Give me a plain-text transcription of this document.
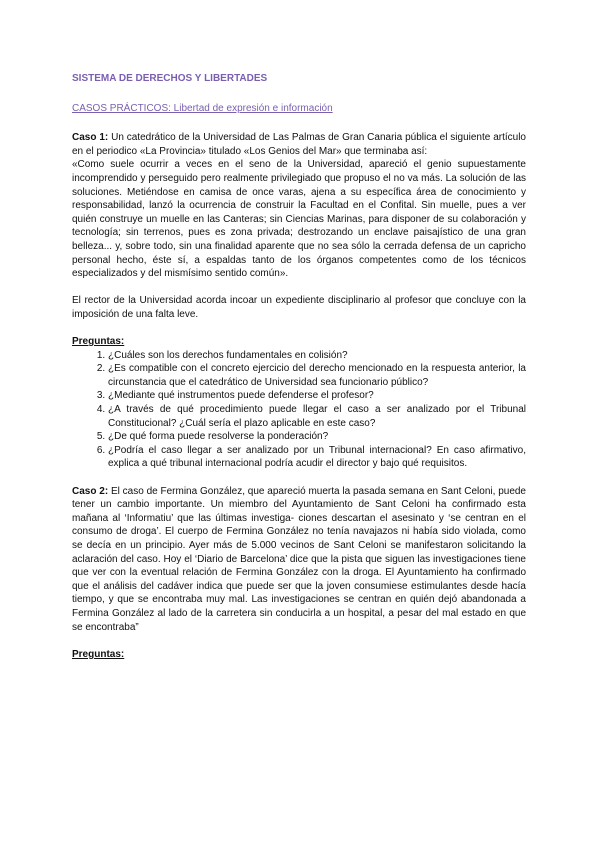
SISTEMA DE DERECHOS Y LIBERTADES
CASOS PRÁCTICOS: Libertad de expresión e información

Caso 1: Un catedrático de la Universidad de Las Palmas de Gran Canaria pública el siguiente artículo en el periodico «La Provincia» titulado «Los Genios del Mar» que terminaba así:

«Como suele ocurrir a veces en el seno de la Universidad, apareció el genio supuestamente incomprendido y perseguido pero realmente privilegiado que propuso el no va más. La solución de las soluciones. Metiéndose en camisa de once varas, ajena a su específica área de conocimiento y responsabilidad, lanzó la ocurrencia de construir la Facultad en el Confital. Sin muelle, pues a ver quién construye un muelle en las Canteras; sin Ciencias Marinas, para disponer de su colaboración y tecnología; sin terrenos, pues es zona privada; destrozando un enclave paisajístico de una gran belleza... y, sobre todo, sin una finalidad aparente que no sea sólo la cerrada defensa de un capricho personal hecho, éste sí, a espaldas tanto de los órganos competentes como de los técnicos especializados y del mismísimo sentido común».

El rector de la Universidad acorda incoar un expediente disciplinario al profesor que concluye con la imposición de una falta leve.

Preguntas:

1. ¿Cuáles son los derechos fundamentales en colisión?
2. ¿Es compatible con el concreto ejercicio del derecho mencionado en la respuesta anterior, la circunstancia que el catedrático de Universidad sea funcionario público?
3. ¿Mediante qué instrumentos puede defenderse el profesor?
4. ¿A través de qué procedimiento puede llegar el caso a ser analizado por el Tribunal Constitucional? ¿Cuál sería el plazo aplicable en este caso?
5. ¿De qué forma puede resolverse la ponderación?
6. ¿Podría el caso llegar a ser analizado por un Tribunal internacional? En caso afirmativo, explica a qué tribunal internacional podría acudir el director y bajo qué requisitos.

Caso 2: El caso de Fermina González, que apareció muerta la pasada semana en Sant Celoni, puede tener un cambio importante. Un miembro del Ayuntamiento de Sant Celoni ha confirmado esta mañana al ‘Informatiu’ que las últimas investiga- ciones descartan el asesinato y ‘se centran en el consumo de droga’. El cuerpo de Fermina González no tenía navajazos ni había sido violada, como se decía en un principio. Ayer más de 5.000 vecinos de Sant Celoni se manifestaron solicitando la aclaración del caso. Hoy el ‘Diario de Barcelona’ dice que la pista que siguen las investigaciones tiene que ver con la eventual relación de Fermina González con la droga. El Ayuntamiento ha confirmado que el análisis del cadáver indica que puede ser que la joven consumiese estimulantes desde hacía tiempo, y que se encontraba muy mal. Las investigaciones se centran en quién dejó abandonada a Fermina González al lado de la carretera sin conducirla a un hospital, a pesar del mal estado en que se encontraba”

Preguntas:
